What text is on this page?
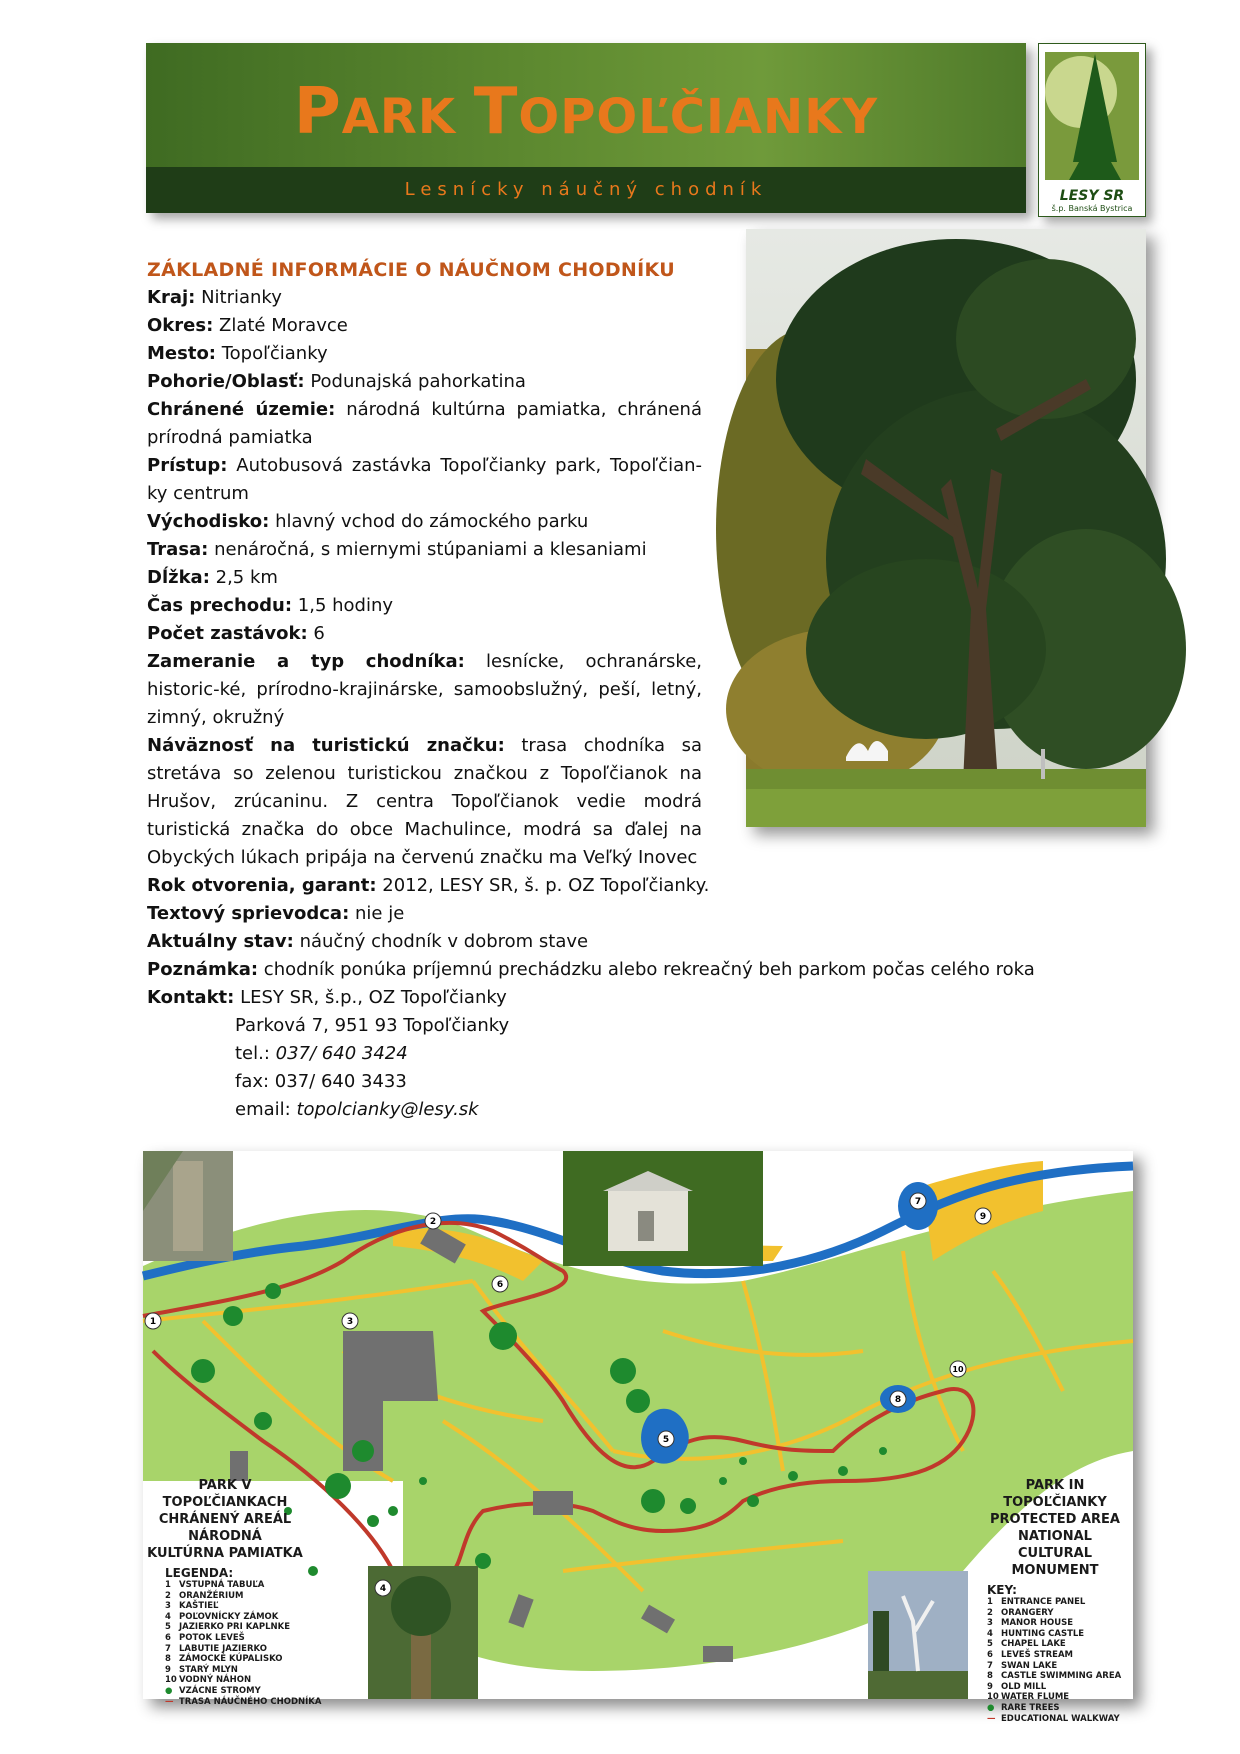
PARK TOPOĽČIANKY
Lesnícky náučný chodník	LESY SR
š.p. Banská Bystrica
ZÁKLADNÉ INFORMÁCIE O NÁUČNOM CHODNÍKU

Kraj: Nitrianky

Okres: Zlaté Moravce

Mesto: Topoľčianky

Pohorie/Oblasť: Podunajská pahorkatina

Chránené územie: národná kultúrna pamiatka, chránená prírodná pamiatka

Prístup: Autobusová zastávka Topoľčianky park, Topoľčian-ky centrum

Východisko: hlavný vchod do zámockého parku

Trasa: nenáročná, s miernymi stúpaniami a klesaniami

Dĺžka: 2,5 km

Čas prechodu: 1,5 hodiny

Počet zastávok: 6

Zameranie a typ chodníka: lesnícke, ochranárske, historic-ké, prírodno-krajinárske, samoobslužný, peší, letný, zimný, okružný

Náväznosť na turistickú značku: trasa chodníka sa stretáva so zelenou turistickou značkou z Topoľčianok na Hrušov, zrúcaninu. Z centra Topoľčianok vedie modrá turistická značka do obce Machulince, modrá sa ďalej na Obyckých lúkach pripája na červenú značku ma Veľký Inovec

Rok otvorenia, garant: 2012, LESY SR, š. p. OZ Topoľčianky.

Textový sprievodca: nie je

Aktuálny stav: náučný chodník v dobrom stave

Poznámka: chodník ponúka príjemnú prechádzku alebo rekreačný beh parkom počas celého roka

Kontakt: LESY SR, š.p., OZ Topoľčianky

Parková 7, 951 93 Topoľčianky

tel.: 037/ 640 3424

fax: 037/ 640 3433

email: topolcianky@lesy.sk

1
2
3
4
5
6
7
8
9
10
PARK V TOPOĽČIANKACH
CHRÁNENÝ AREÁL
NÁRODNÁ
KULTÚRNA PAMIATKA
LEGENDA:
1 VSTUPNÁ TABUĽA
2 ORANŽÉRIUM
3 KAŠTIEĽ
4 POĽOVNÍCKY ZÁMOK
5 JAZIERKO PRI KAPLNKE
6 POTOK LEVEŠ
7 LABUTIE JAZIERKO
8 ZÁMOCKÉ KÚPALISKO
9 STARÝ MLYN
10 VODNÝ NÁHON
● VZÁCNE STROMY
— TRASA NÁUČNÉHO CHODNÍKA
PARK IN TOPOĽČIANKY
PROTECTED AREA
NATIONAL
CULTURAL MONUMENT
KEY:
1 ENTRANCE PANEL
2 ORANGERY
3 MANOR HOUSE
4 HUNTING CASTLE
5 CHAPEL LAKE
6 LEVEŠ STREAM
7 SWAN LAKE
8 CASTLE SWIMMING AREA
9 OLD MILL
10 WATER FLUME
● RARE TREES
— EDUCATIONAL WALKWAY
